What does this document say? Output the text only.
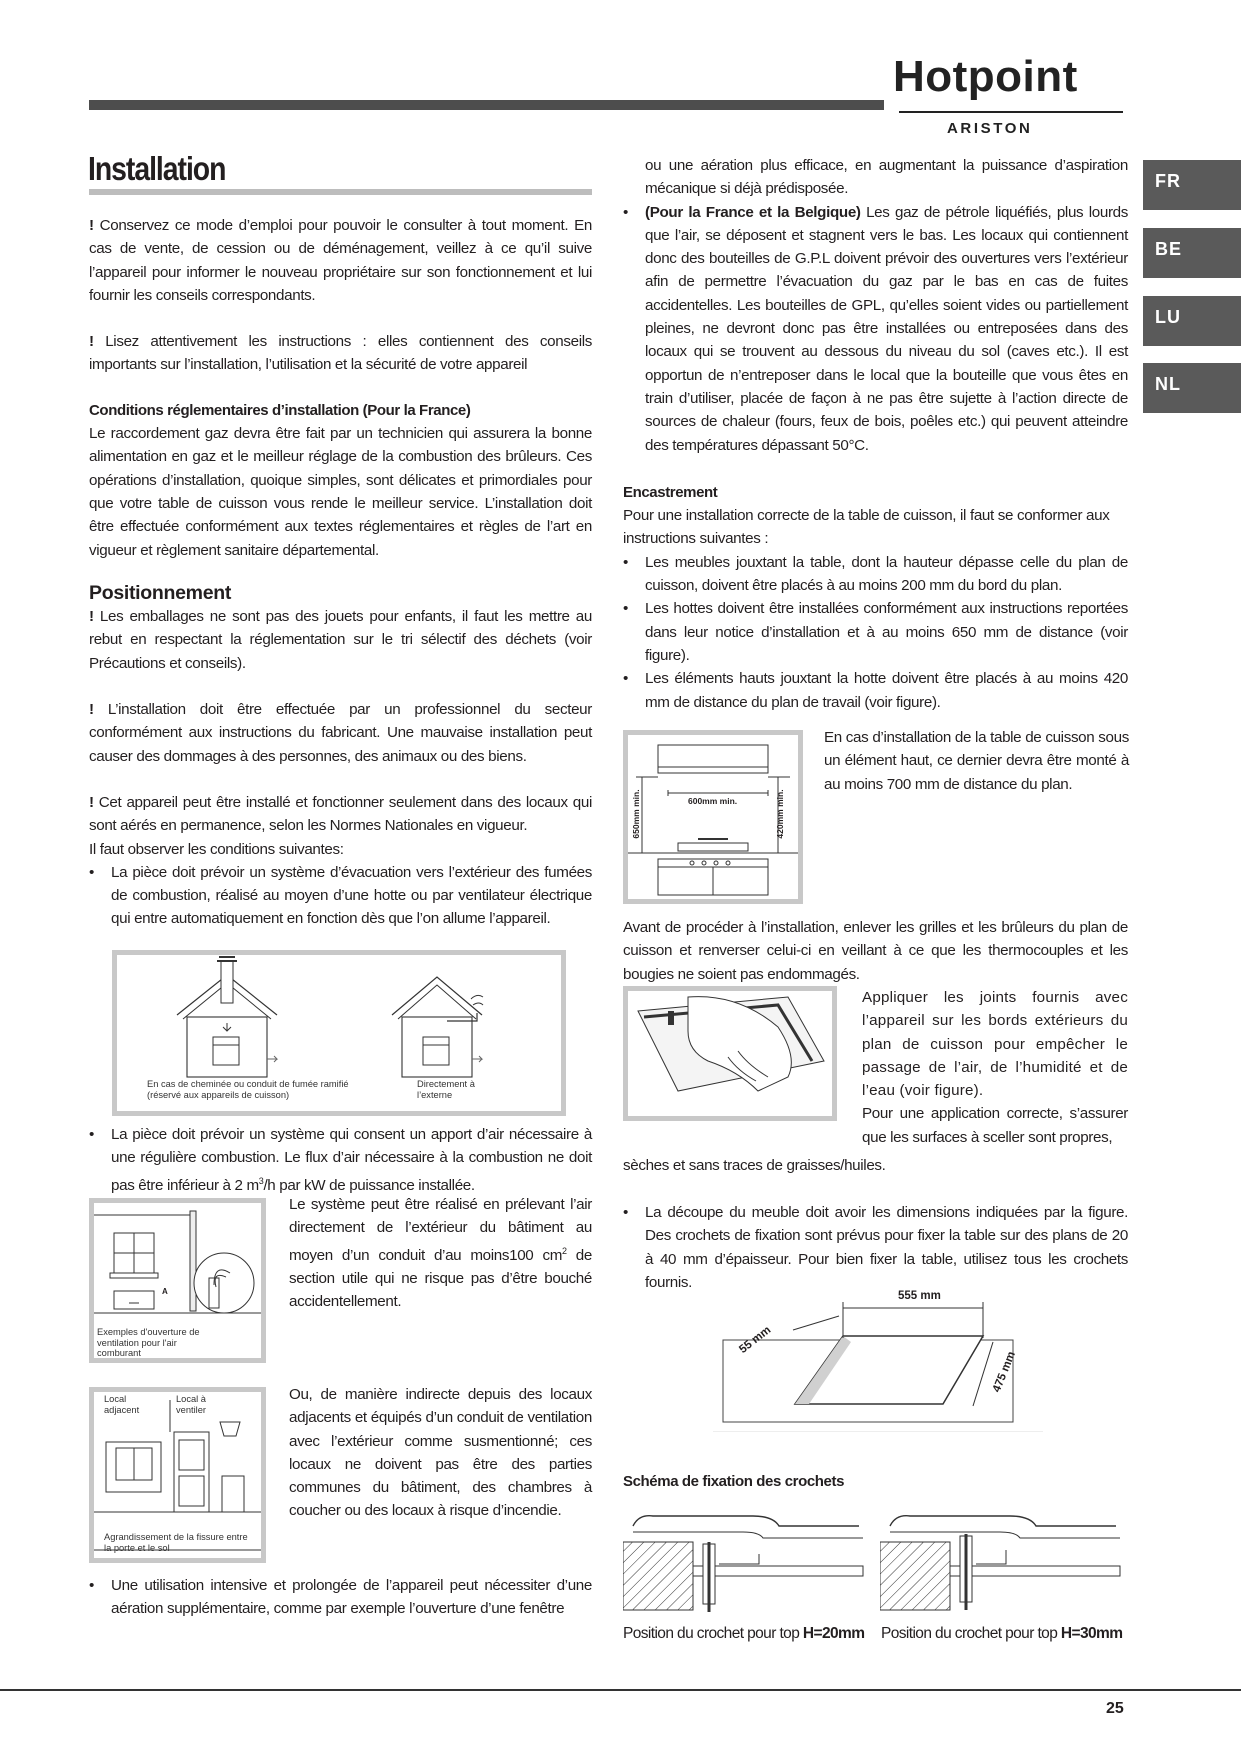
Hotpoint
ARISTON
FR
BE
LU
NL
Installation

! Conservez ce mode d’emploi pour pouvoir le consulter à tout moment. En cas de vente, de cession ou de déménagement, veillez à ce qu’il suive l’appareil pour informer le nouveau propriétaire sur son fonctionnement et lui fournir les conseils correspondants.

! Lisez attentivement les instructions : elles contiennent des conseils importants sur l’installation, l’utilisation et la sécurité de votre appareil

Conditions réglementaires d’installation (Pour la France)

Le raccordement gaz devra être fait par un technicien qui assurera la bonne alimentation en gaz et le meilleur réglage de la combustion des brûleurs. Ces opérations d’installation, quoique simples, sont délicates et primordiales pour que votre table de cuisson vous rende le meilleur service. L’installation doit être effectuée conformément aux textes réglementaires et règles de l’art en vigueur et règlement sanitaire départemental.

Positionnement

! Les emballages ne sont pas des jouets pour enfants, il faut les mettre au rebut en respectant la réglementation sur le tri sélectif des déchets (voir Précautions et conseils).

! L’installation doit être effectuée par un professionnel du secteur conformément aux instructions du fabricant. Une mauvaise installation peut causer des dommages à des personnes, des animaux ou des biens.

! Cet appareil peut être installé et fonctionner seulement dans des locaux qui sont aérés en permanence, selon les Normes Nationales en vigueur.

Il faut observer les conditions suivantes:

• La pièce doit prévoir un système d’évacuation vers l’extérieur des fumées de combustion, réalisé au moyen d’une hotte ou par ventilateur électrique qui entre automatiquement en fonction dès que l’on allume l’appareil.

En cas de cheminée ou conduit de fumée ramifié (réservé aux appareils de cuisson)
Directement à l’externe

• La pièce doit prévoir un système qui consent un apport d’air nécessaire à une régulière combustion. Le flux d’air nécessaire à la combustion ne doit pas être inférieur à 2 $m^3/h$ par kW de puissance installée.

A
Exemples d'ouverture de ventilation pour l'air comburant

Le système peut être réalisé en prélevant l’air directement de l’extérieur du bâtiment au moyen d’un conduit d’au moins100 $cm^2$ de section utile qui ne risque pas d’être bouché accidentellement.

Local adjacent
Local à ventiler
Agrandissement de la fissure entre la porte et le sol
Ou, de manière indirecte depuis des locaux adjacents et équipés d’un conduit de ventilation avec l’extérieur comme susmentionné; ces locaux ne doivent pas être des parties communes du bâtiment, des chambres à coucher ou des locaux à risque d’incendie.

• Une utilisation intensive et prolongée de l’appareil peut nécessiter d’une aération supplémentaire, comme par exemple l’ouverture d’une fenêtre

ou une aération plus efficace, en augmentant la puissance d’aspiration mécanique si déjà prédisposée.

• (Pour la France et la Belgique) Les gaz de pétrole liquéfiés, plus lourds que l’air, se déposent et stagnent vers le bas. Les locaux qui contiennent donc des bouteilles de G.P.L doivent prévoir des ouvertures vers l’extérieur afin de permettre l’évacuation du gaz par le bas en cas de fuites accidentelles. Les bouteilles de GPL, qu’elles soient vides ou partiellement pleines, ne devront donc pas être installées ou entreposées dans des locaux qui se trouvent au dessous du niveau du sol (caves etc.). Il est opportun de n’entreposer dans le local que la bouteille que vous êtes en train d’utiliser, placée de façon à ne pas être sujette à l’action directe de sources de chaleur (fours, feux de bois, poêles etc.) qui peuvent atteindre des températures dépassant 50°C.

Encastrement

Pour une installation correcte de la table de cuisson, il faut se conformer aux instructions suivantes :

• Les meubles jouxtant la table, dont la hauteur dépasse celle du plan de cuisson, doivent être placés à au moins 200 mm du bord du plan.

• Les hottes doivent être installées conformément aux instructions reportées dans leur notice d’installation et à au moins 650 mm de distance (voir figure).

• Les éléments hauts jouxtant la hotte doivent être placés à au moins 420 mm de distance du plan de travail (voir figure).

600mm min.
650mm min.	420mm min.
En cas d’installation de la table de cuisson sous un élément haut, ce dernier devra être monté à au moins 700 mm de distance du plan.
Avant de procéder à l’installation, enlever les grilles et les brûleurs du plan de cuisson et renverser celui-ci en veillant à ce que les thermocouples et les bougies ne soient pas endommagés.

Appliquer les joints fournis avec l’appareil sur les bords extérieurs du plan de cuisson pour empêcher le passage de l’air, de l’humidité et de l’eau (voir figure).

Pour une application correcte, s’assurer que les surfaces à sceller sont propres,

sèches et sans traces de graisses/huiles.

• La découpe du meuble doit avoir les dimensions indiquées par la figure. Des crochets de fixation sont prévus pour fixer la table sur des plans de 20 à 40 mm d’épaisseur. Pour bien fixer la table, utilisez tous les crochets fournis.

555 mm
55 mm
475 mm
Schéma de fixation des crochets
Position du crochet pour top H=20mm Position du crochet pour top H=30mm
25
